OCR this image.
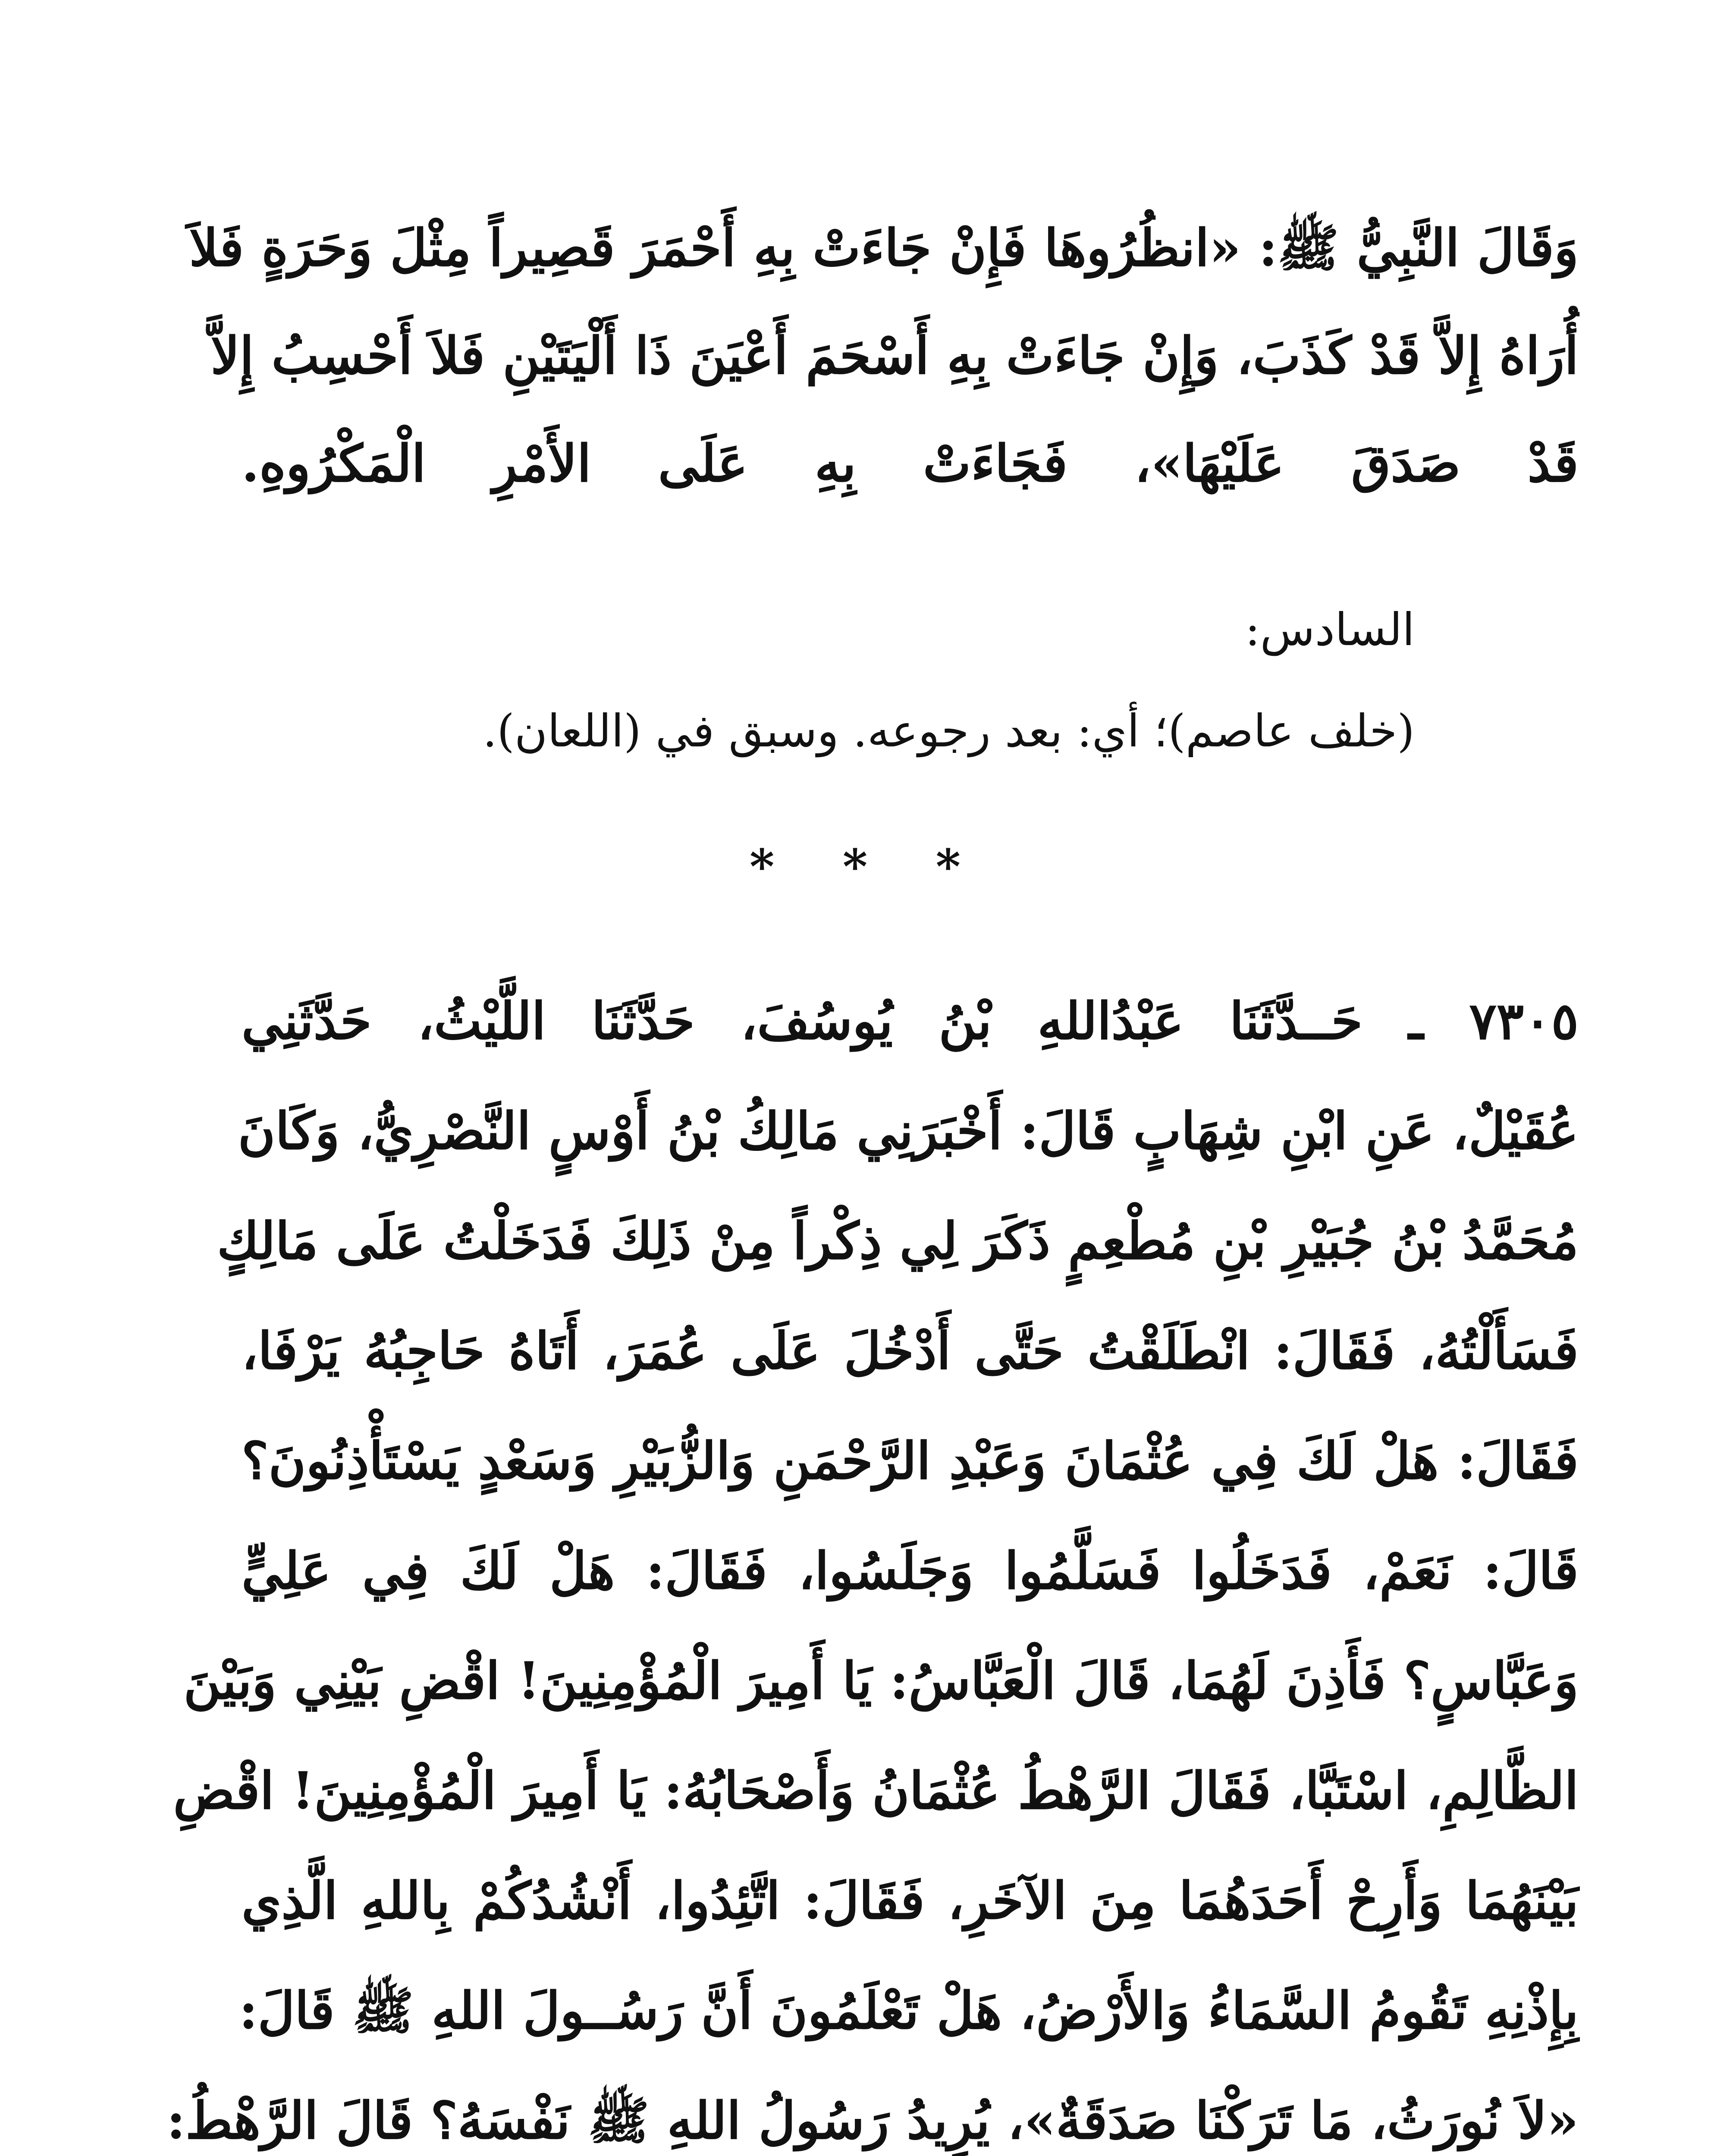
وَقَالَ النَّبِيُّ ﷺ: «انظُرُوهَا فَإِنْ جَاءَتْ بِهِ أَحْمَرَ قَصِيراً مِثْلَ وَحَرَةٍ فَلاَ
أُرَاهُ إِلاَّ قَدْ كَذَبَ، وَإِنْ جَاءَتْ بِهِ أَسْحَمَ أَعْيَنَ ذَا أَلْيَتَيْنِ فَلاَ أَحْسِبُ إِلاَّ
قَدْ صَدَقَ عَلَيْهَا»، فَجَاءَتْ بِهِ عَلَى الأَمْرِ الْمَكْرُوهِ.
السادس:
(خلف عاصم)؛ أي: بعد رجوعه. وسبق في (اللعان).
* * *
٧٣٠٥ ـ حَــدَّثَنَا عَبْدُاللهِ بْنُ يُوسُفَ، حَدَّثَنَا اللَّيْثُ، حَدَّثَنِي
عُقَيْلٌ، عَنِ ابْنِ شِهَابٍ قَالَ: أَخْبَرَنِي مَالِكُ بْنُ أَوْسٍ النَّصْرِيُّ، وَكَانَ
مُحَمَّدُ بْنُ جُبَيْرِ بْنِ مُطْعِمٍ ذَكَرَ لِي ذِكْراً مِنْ ذَلِكَ فَدَخَلْتُ عَلَى مَالِكٍ
فَسَأَلْتُهُ، فَقَالَ: انْطَلَقْتُ حَتَّى أَدْخُلَ عَلَى عُمَرَ، أَتَاهُ حَاجِبُهُ يَرْفَا،
فَقَالَ: هَلْ لَكَ فِي عُثْمَانَ وَعَبْدِ الرَّحْمَنِ وَالزُّبَيْرِ وَسَعْدٍ يَسْتَأْذِنُونَ؟
قَالَ: نَعَمْ، فَدَخَلُوا فَسَلَّمُوا وَجَلَسُوا، فَقَالَ: هَلْ لَكَ فِي عَلِيٍّ
وَعَبَّاسٍ؟ فَأَذِنَ لَهُمَا، قَالَ الْعَبَّاسُ: يَا أَمِيرَ الْمُؤْمِنِينَ! اقْضِ بَيْنِي وَبَيْنَ
الظَّالِمِ، اسْتَبَّا، فَقَالَ الرَّهْطُ عُثْمَانُ وَأَصْحَابُهُ: يَا أَمِيرَ الْمُؤْمِنِينَ! اقْضِ
بَيْنَهُمَا وَأَرِحْ أَحَدَهُمَا مِنَ الآخَرِ، فَقَالَ: اتَّئِدُوا، أَنْشُدُكُمْ بِاللهِ الَّذِي
بِإِذْنِهِ تَقُومُ السَّمَاءُ وَالأَرْضُ، هَلْ تَعْلَمُونَ أَنَّ رَسُــولَ اللهِ ﷺ قَالَ:
«لاَ نُورَثُ، مَا تَرَكْنَا صَدَقَةٌ»، يُرِيدُ رَسُولُ اللهِ ﷺ نَفْسَهُ؟ قَالَ الرَّهْطُ:
